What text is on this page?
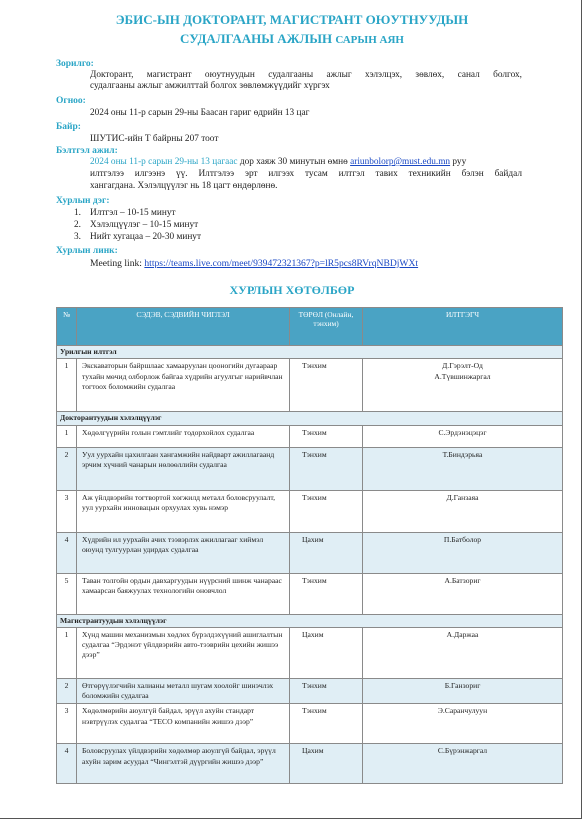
ЭБИС-ЫН ДОКТОРАНТ, МАГИСТРАНТ ОЮУТНУУДЫН
СУДАЛГААНЫ АЖЛЫН САРЫН АЯН
Зорилго:
Докторант, магистрант оюутнуудын судалгааны ажлыг хэлэлцэх, зөвлөх, санал болгох,
судалгааны ажлыг амжилттай болгох зөвлөмжүүдийг хүргэх
Огноо:
2024 оны 11-р сарын 29-ны Баасан гариг өдрийн 13 цаг
Байр:
ШУТИС-ийн Т байрны 207 тоот
Бэлтгэл ажил:
2024 оны 11-р сарын 29-ны 13 цагаас дор хаяж 30 минутын өмнө ariunbolorp@must.edu.mn руу
илтгэлээ илгээнэ үү. Илтгэлээ эрт илгээх тусам илтгэл тавих техникийн бэлэн байдал
хангагдана. Хэлэлцүүлэг нь 18 цагт өндөрлөнө.
Хурлын дэг:
1. Илтгэл – 10-15 минут
2. Хэлэлцүүлэг – 10-15 минут
3. Нийт хугацаа – 20-30 минут
Хурлын линк:
Meeting link: https://teams.live.com/meet/939472321367?p=lR5pcs8RVrqNBDjWXt
ХУРЛЫН ХӨТӨЛБӨР
№	СЭДЭВ, СЭДВИЙН ЧИГЛЭЛ	ТӨРӨЛ (Онлайн, тэнхим)	ИЛТГЭГЧ
Урилгын илтгэл			
1	Экскаваторын байршлаас хамааруулан цооногийн дугаараар тухайн мөчид олборлож байгаа хүдрийн агуулгыг нарийвчлан тогтоох боломжийн судалгаа	Тэнхим	Д.Гэрэлт-Од
А.Түвшинжаргал
Докторантуудын хэлэлцүүлэг			
1	Хөдөлгүүрийн голын гэмтлийг тодорхойлох судалгаа	Тэнхим	С.Эрдэнэцэцэг
2	Уул уурхайн цахилгаан хангамжийн найдварт ажиллагаанд эрчим хүчний чанарын нөлөөллийн судалгаа	Тэнхим	Т.Биндэрьяа
3	Аж үйлдвэрийн тогтвортой хөгжилд металл боловсруулалт, уул уурхайн инновацын орхуулах хувь нэмэр	Тэнхим	Д.Ганзаяа
4	Хүдрийн ил уурхайн ачих тээвэрлэх ажиллагааг хиймэл оюунд тулгуурлан удирдах судалгаа	Цахим	П.Батболор
5	Таван толгойн ордын давхаргуудын нүүрсний шинж чанараас хамаарсан баяжуулах технологийн оновчлол	Тэнхим	А.Батзориг
Магистрантуудын хэлэлцүүлэг			
1	Хүнд машин механизмын хөдлөх бүрэлдэхүүний ашиглалтын судалгаа “Эрдэнэт үйлдвэрийн авто-тээврийн цехийн жишээ дээр”	Цахим	А.Даржаа
2	Өтгөрүүлэгчийн халианы металл шугам хоолойг шинэчлэх боломжийн судалгаа	Тэнхим	Б.Ганзориг
3	Хөдөлмөрийн аюулгүй байдал, эрүүл ахуйн стандарт нэвтрүүлэх судалгаа “TECO компанийн жишээ дээр”	Тэнхим	Э.Саранчулуун
4	Боловсруулах үйлдвэрийн хөдөлмөр аюулгүй байдал, эрүүл ахуйн зарим асуудал “Чингэлтэй дүүргийн жишээ дээр”	Цахим	С.Бүрэнжаргал
